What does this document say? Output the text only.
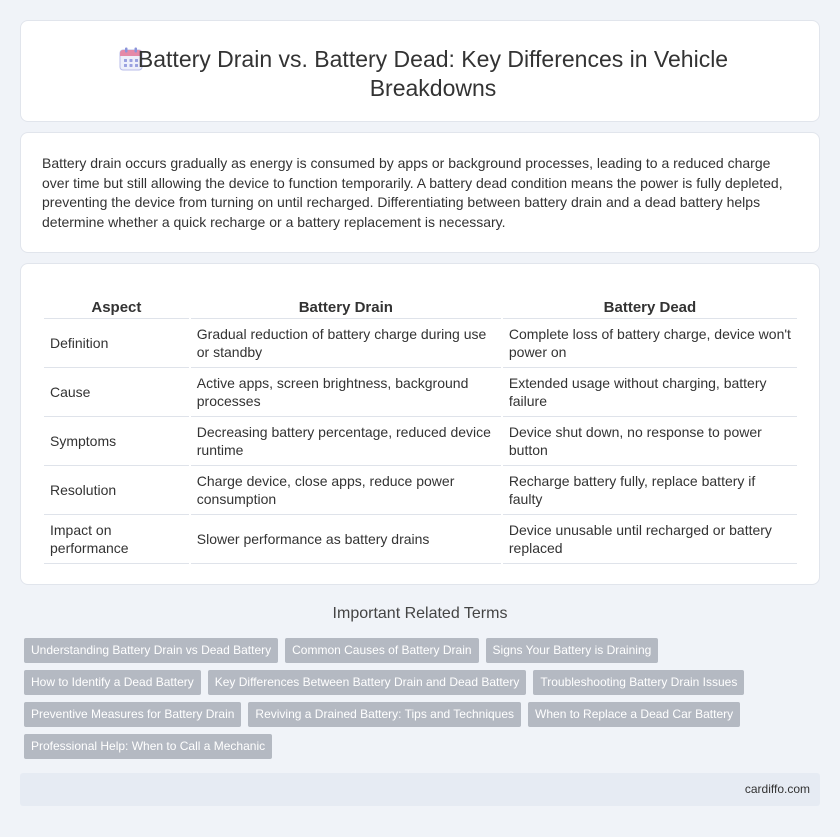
Battery Drain vs. Battery Dead: Key Differences in Vehicle Breakdowns

Battery drain occurs gradually as energy is consumed by apps or background processes, leading to a reduced charge over time but still allowing the device to function temporarily. A battery dead condition means the power is fully depleted, preventing the device from turning on until recharged. Differentiating between battery drain and a dead battery helps determine whether a quick recharge or a battery replacement is necessary.

Aspect	Battery Drain	Battery Dead
Definition	Gradual reduction of battery charge during use or standby	Complete loss of battery charge, device won't power on
Cause	Active apps, screen brightness, background processes	Extended usage without charging, battery failure
Symptoms	Decreasing battery percentage, reduced device runtime	Device shut down, no response to power button
Resolution	Charge device, close apps, reduce power consumption	Recharge battery fully, replace battery if faulty
Impact on performance	Slower performance as battery drains	Device unusable until recharged or battery replaced
Important Related Terms
Understanding Battery Drain vs Dead Battery	Common Causes of Battery Drain	Signs Your Battery is Draining
How to Identify a Dead Battery	Key Differences Between Battery Drain and Dead Battery	Troubleshooting Battery Drain Issues
Preventive Measures for Battery Drain	Reviving a Drained Battery: Tips and Techniques	When to Replace a Dead Car Battery
Professional Help: When to Call a Mechanic
cardiffo.com
